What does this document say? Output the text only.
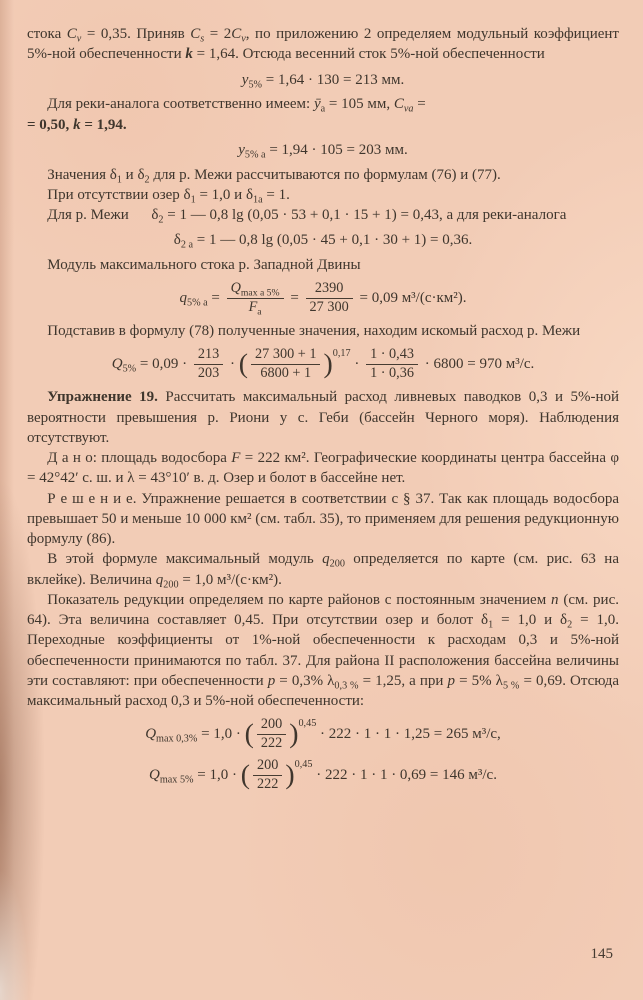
стока $C_v = 0,35$. Приняв $C_s = 2C_v$, по приложению 2 определяем модульный коэффициент 5%-ной обеспеченности k = 1,64. Отсюда весенний сток 5%-ной обеспеченности

$y_{5\%} = 1,64 \cdot 130 = 213$ мм.

Для реки-аналога соответственно имеем: $ȳ_а = 105$ мм, $C_{vа}$ =
= 0,50, k = 1,94.

$y_{5\% а} = 1,94 \cdot 105 = 203$ мм.

Значения $\delta_1$ и $\delta_2$ для р. Межи рассчитываются по формулам (76) и (77).

При отсутствии озер $\delta_1 = 1,0$ и $\delta_{1а} = 1$.

Для р. Межи   $\delta_2 = 1$ — 0,8 lg (0,05 · 53 + 0,1 · 15 + 1) = 0,43, а для реки-аналога

$\delta_{2 а} = 1$ — 0,8 lg (0,05 · 45 + 0,1 · 30 + 1) = 0,36.

Модуль максимального стока р. Западной Двины

$q_{5\% а} = \frac{Q_{max а 5\%}}{F_а} = \frac{2390}{27 300} = 0,09$ м³/(с·км²).

Подставив в формулу (78) полученные значения, находим искомый расход р. Межи

$Q_{5\%} = 0,09 \cdot \frac{213}{203}$ · ( $\frac{27 300 + 1}{6800 + 1} )^{0,17} \cdot \frac{1 \cdot 0,43}{1 \cdot 0,36} \cdot 6800 = 970$ м³/с.

Упражнение 19. Рассчитать максимальный расход ливневых паводков 0,3 и 5%-ной вероятности превышения р. Риони у с. Геби (бассейн Черного моря). Наблюдения отсутствуют.

Д а н о: площадь водосбора F = 222 км². Географические координаты центра бассейна φ = 42°42′ с. ш. и λ = 43°10′ в. д. Озер и болот в бассейне нет.

Р е ш е н и е. Упражнение решается в соответствии с § 37. Так как площадь водосбора превышает 50 и меньше 10 000 км² (см. табл. 35), то применяем для решения редукционную формулу (86).

В этой формуле максимальный модуль $q_{200}$ определяется по карте (см. рис. 63 на вклейке). Величина $q_{200} = 1,0$ м³/(с·км²).

Показатель редукции определяем по карте районов с постоянным значением n (см. рис. 64). Эта величина составляет 0,45. При отсутствии озер и болот $\delta_1 = 1,0$ и $\delta_2 = 1,0$. Переходные коэффициенты от 1%-ной обеспеченности к расходам 0,3 и 5%-ной обеспеченности принимаются по табл. 37. Для района II расположения бассейна величины эти составляют: при обеспеченности p = 0,3% $\lambda_{0,3 \%} = 1,25$, а при p = 5% $\lambda_{5 \%} = 0,69$. Отсюда максимальный расход 0,3 и 5%-ной обеспеченности:

$Q_{max 0,3\%} = 1,0$ · ( $\frac{200}{222} )^{0,45} \cdot 222 \cdot 1 \cdot 1 \cdot 1,25 = 265$ м³/с,
$Q_{max 5\%} = 1,0$ · ( $\frac{200}{222} )^{0,45} \cdot 222 \cdot 1 \cdot 1 \cdot 0,69 = 146$ м³/с.
145
